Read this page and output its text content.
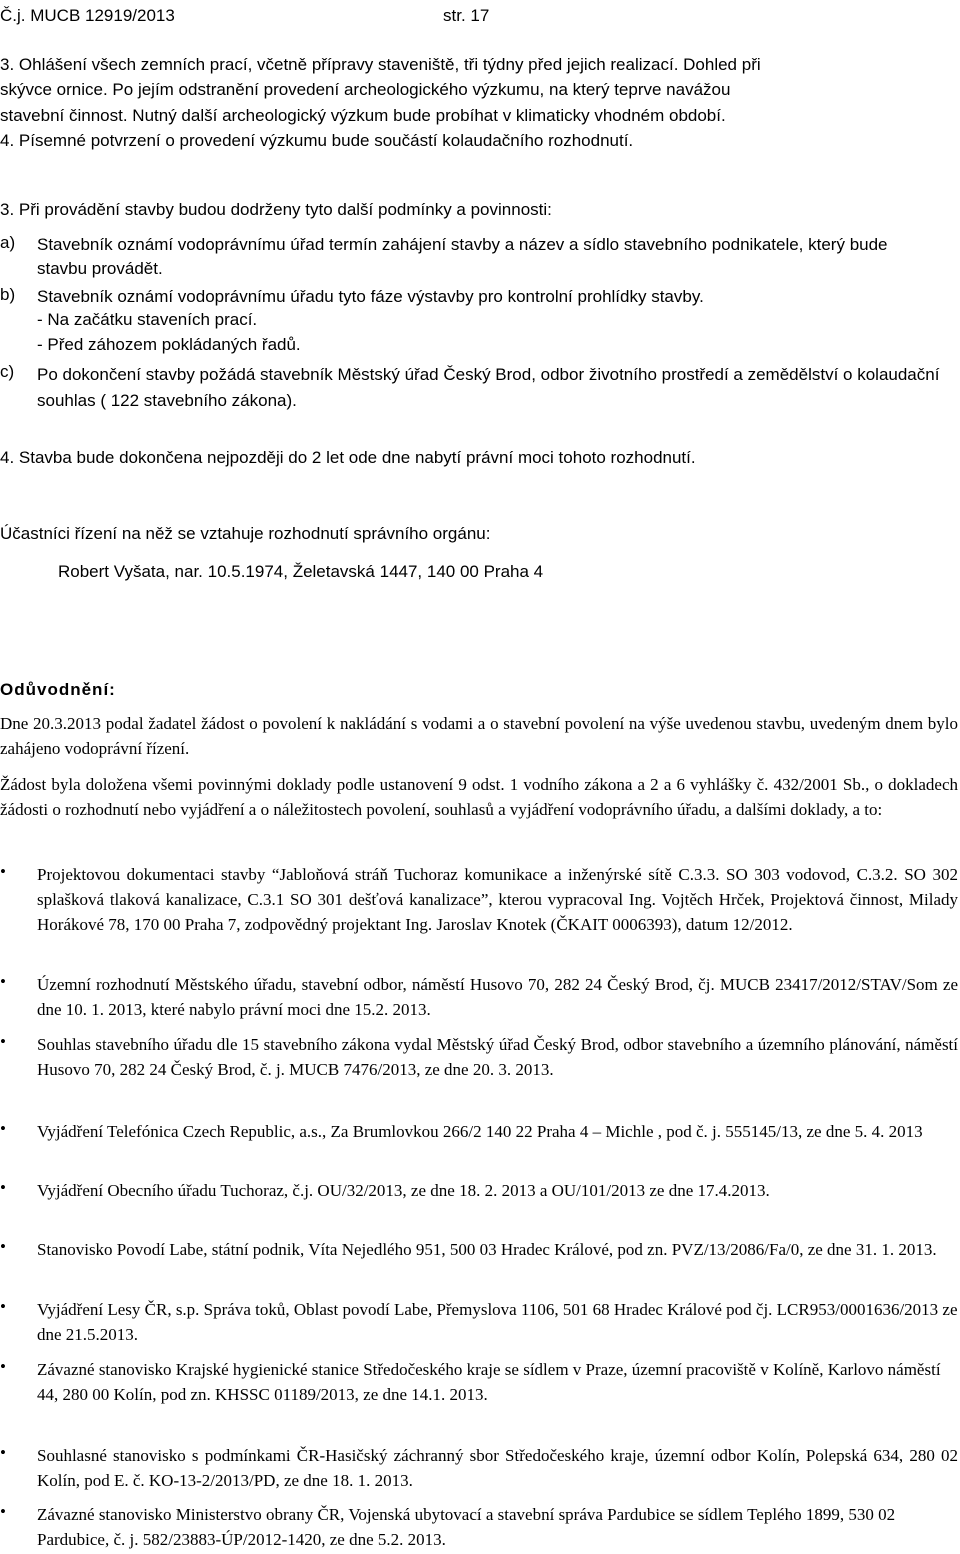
Č.j. MUCB 12919/2013	str. 17
3. Ohlášení všech zemních prací, včetně přípravy staveniště, tři týdny před jejich realizací. Dohled při
skývce ornice. Po jejím odstranění provedení archeologického výzkumu, na který teprve navážou
stavební činnost. Nutný další archeologický výzkum bude probíhat v klimaticky vhodném období.
4. Písemné potvrzení o provedení výzkumu bude součástí kolaudačního rozhodnutí.
3. Při provádění stavby budou dodrženy tyto další podmínky a povinnosti:
a)	Stavebník oznámí vodoprávnímu úřad termín zahájení stavby a název a sídlo stavebního podnikatele, který bude stavbu provádět.
b)	Stavebník oznámí vodoprávnímu úřadu tyto fáze výstavby pro kontrolní prohlídky stavby.
- Na začátku staveních prací.
- Před záhozem pokládaných řadů.
c)	Po dokončení stavby požádá stavebník Městský úřad Český Brod, odbor životního prostředí a zemědělství o kolaudační souhlas ( 122 stavebního zákona).
4. Stavba bude dokončena nejpozději do 2 let ode dne nabytí právní moci tohoto rozhodnutí.
Účastníci řízení na něž se vztahuje rozhodnutí správního orgánu:
Robert Vyšata, nar. 10.5.1974, Želetavská 1447, 140 00 Praha 4
Odůvodnění:

Dne 20.3.2013 podal žadatel žádost o povolení k nakládání s vodami a o stavební povolení na výše uvedenou stavbu, uvedeným dnem bylo zahájeno vodoprávní řízení.

Žádost byla doložena všemi povinnými doklady podle ustanovení 9 odst. 1 vodního zákona a 2 a 6 vyhlášky č. 432/2001 Sb., o dokladech žádosti o rozhodnutí nebo vyjádření a o náležitostech povolení, souhlasů a vyjádření vodoprávního úřadu, a dalšími doklady, a to:

•
Projektovou dokumentaci stavby “Jabloňová stráň Tuchoraz komunikace a inženýrské sítě C.3.3. SO 303 vodovod, C.3.2. SO 302 splašková tlaková kanalizace, C.3.1 SO 301 dešťová kanalizace”, kterou vypracoval Ing. Vojtěch Hrček, Projektová činnost, Milady Horákové 78, 170 00 Praha 7, zodpovědný projektant Ing. Jaroslav Knotek (ČKAIT 0006393), datum 12/2012.
•
Územní rozhodnutí Městského úřadu, stavební odbor, náměstí Husovo 70, 282 24 Český Brod, čj. MUCB 23417/2012/STAV/Som ze dne 10. 1. 2013, které nabylo právní moci dne 15.2. 2013.
•
Souhlas stavebního úřadu dle 15 stavebního zákona vydal Městský úřad Český Brod, odbor stavebního a územního plánování, náměstí Husovo 70, 282 24 Český Brod, č. j. MUCB 7476/2013, ze dne 20. 3. 2013.
•
Vyjádření Telefónica Czech Republic, a.s., Za Brumlovkou 266/2 140 22 Praha 4 – Michle , pod č. j. 555145/13, ze dne 5. 4. 2013
•
Vyjádření Obecního úřadu Tuchoraz, č.j. OU/32/2013, ze dne 18. 2. 2013 a OU/101/2013 ze dne 17.4.2013.
•
Stanovisko Povodí Labe, státní podnik, Víta Nejedlého 951, 500 03 Hradec Králové, pod zn. PVZ/13/2086/Fa/0, ze dne 31. 1. 2013.
•
Vyjádření Lesy ČR, s.p. Správa toků, Oblast povodí Labe, Přemyslova 1106, 501 68 Hradec Králové pod čj. LCR953/0001636/2013 ze dne 21.5.2013.
•
Závazné stanovisko Krajské hygienické stanice Středočeského kraje se sídlem v Praze, územní pracoviště v Kolíně, Karlovo náměstí 44, 280 00 Kolín, pod zn. KHSSC 01189/2013, ze dne 14.1. 2013.
•
Souhlasné stanovisko s podmínkami ČR-Hasičský záchranný sbor Středočeského kraje, územní odbor Kolín, Polepská 634, 280 02 Kolín, pod E. č. KO-13-2/2013/PD, ze dne 18. 1. 2013.
•
Závazné stanovisko Ministerstvo obrany ČR, Vojenská ubytovací a stavební správa Pardubice se sídlem Teplého 1899, 530 02 Pardubice, č. j. 582/23883-ÚP/2012-1420, ze dne 5.2. 2013.
